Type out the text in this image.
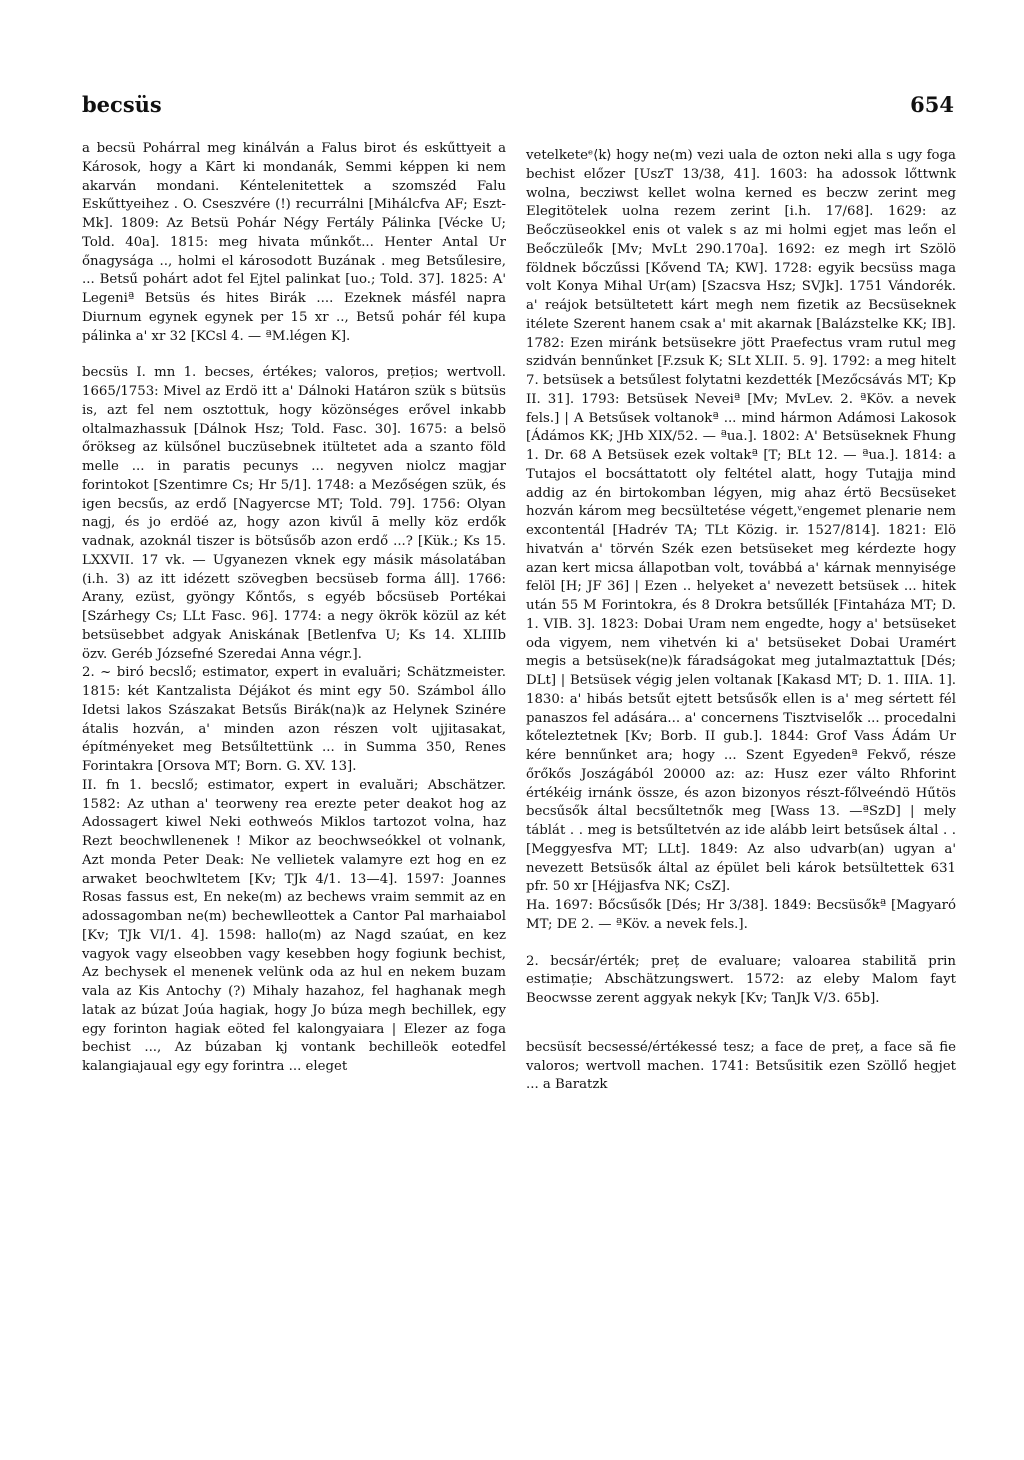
becsüs	654

a becsü Pohárral meg kinálván a Falus birot és eskűttyeit a Károsok, hogy a Kārt ki mondanák, Semmi képpen ki nem akarván mondani. Kéntelenitettek a szomszéd Falu Eskűttyeihez . O. Cseszvére (!) recurrálni [Mihálcfva AF; Eszt-Mk]. 1809: Az Betsü Pohár Négy Fertály Pálinka [Vécke U; Told. 40a]. 1815: meg hivata műnkőt... Henter Antal Ur őnagysága .., holmi el károsodott Buzának . meg Betsűlesire, ... Betsű pohárt adot fel Ejtel palinkat [uo.; Told. 37]. 1825: A' Legeniª Betsüs és hites Birák .... Ezeknek másfél napra Diurnum egynek egynek per 15 xr .., Betsű pohár fél kupa pálinka a' xr 32 [KCsl 4. — ªM.légen K].

becsüs I. mn 1. becses, értékes; valoros, prețios; wertvoll. 1665/1753: Mivel az Erdö itt a' Dálnoki Határon szük s bütsüs is, azt fel nem osztottuk, hogy közönséges erővel inkabb oltalmazhassuk [Dálnok Hsz; Told. Fasc. 30]. 1675: a belsö őrökseg az külsőnel buczüsebnek itültetet ada a szanto föld melle ... in paratis pecunys ... negyven niolcz magjar forintokot [Szentimre Cs; Hr 5/1]. 1748: a Mezőségen szük, és igen becsűs, az erdő [Nagyercse MT; Told. 79]. 1756: Olyan nagj, és jo erdöé az, hogy azon kivűl ā melly köz erdők vadnak, azoknál tiszer is bötsűsőb azon erdő ...? [Kük.; Ks 15. LXXVII. 17 vk. — Ugyanezen vknek egy másik másolatában (i.h. 3) az itt idézett szövegben becsüseb forma áll]. 1766: Arany, ezüst, gyöngy Kőntős, s egyéb bőcsüseb Portékai [Szárhegy Cs; LLt Fasc. 96]. 1774: a negy ökrök közül az két betsüsebbet adgyak Aniskának [Betlenfva U; Ks 14. XLIIIb özv. Geréb Józsefné Szeredai Anna végr.].

2. ~ biró becslő; estimator, expert in evaluări; Schätzmeister. 1815: két Kantzalista Déjákot és mint egy 50. Számbol állo Idetsi lakos Szászakat Betsűs Birák(na)k az Helynek Szinére átalis hozván, a' minden azon részen volt ujjitasakat, építményeket meg Betsűltettünk ... in Summa 350, Renes Forintakra [Orsova MT; Born. G. XV. 13].

II. fn 1. becslő; estimator, expert in evaluări; Abschätzer. 1582: Az uthan a' teorweny rea erezte peter deakot hog az Adossagert kiwel Neki eothweós Miklos tartozot volna, haz Rezt beochwllenenek ! Mikor az beochwseókkel ot volnank, Azt monda Peter Deak: Ne vellietek valamyre ezt hog en ez arwaket beochwltetem [Kv; TJk 4/1. 13—4]. 1597: Joannes Rosas fassus est, En neke(m) az bechews vraim semmit az en adossagomban ne(m) bechewlleottek a Cantor Pal marhaiabol [Kv; TJk VI/1. 4]. 1598: hallo(m) az Nagd szaúat, en kez vagyok vagy elseobben vagy kesebben hogy fogiunk bechist, Az bechysek el menenek velünk oda az hul en nekem buzam vala az Kis Antochy (?) Mihaly hazahoz, fel haghanak megh latak az búzat Joúa hagiak, hogy Jo búza megh bechillek, egy egy forinton hagiak eöted fel kalongyaiara | Elezer az foga bechist ..., Az búzaban kj vontank bechilleök eotedfel kalangiajaual egy egy forintra ... eleget

vetelketeᵉ⟨k⟩ hogy ne(m) vezi uala de ozton neki alla s ugy foga bechist előzer [UszT 13/38, 41]. 1603: ha adossok lőttwnk wolna, becziwst kellet wolna kerned es beczw zerint meg Elegitötelek uolna rezem zerint [i.h. 17/68]. 1629: az Beőczüseokkel enis ot valek s az mi holmi egjet mas leőn el Beőczüleők [Mv; MvLt 290.170a]. 1692: ez megh irt Szölö földnek bőczűssi [Kővend TA; KW]. 1728: egyik becsüss maga volt Konya Mihal Ur(am) [Szacsva Hsz; SVJk]. 1751 Vándorék. a' reájok betsültetett kárt megh nem fizetik az Becsüseknek itélete Szerent hanem csak a' mit akarnak [Balázstelke KK; IB]. 1782: Ezen miránk betsüsekre jött Praefectus vram rutul meg szidván bennűnket [F.zsuk K; SLt XLII. 5. 9]. 1792: a meg hitelt 7. betsüsek a betsűlest folytatni kezdették [Mezőcsávás MT; Kp II. 31]. 1793: Betsüsek Neveiª [Mv; MvLev. 2. ªKöv. a nevek fels.] | A Betsűsek voltanokª ... mind hármon Adámosi Lakosok [Ádámos KK; JHb XIX/52. — ªua.]. 1802: A' Betsüseknek Fhung 1. Dr. 68 A Betsüsek ezek voltakª [T; BLt 12. — ªua.]. 1814: a Tutajos el bocsáttatott oly feltétel alatt, hogy Tutajja mind addig az én birtokomban légyen, mig ahaz értö Becsüseket hozván károm meg becsültetése végett,ᵛengemet plenarie nem excontentál [Hadrév TA; TLt Közig. ir. 1527/814]. 1821: Elö hivatván a' törvén Szék ezen betsüseket meg kérdezte hogy azan kert micsa állapotban volt, továbbá a' kárnak mennyisége felöl [H; JF 36] | Ezen .. helyeket a' nevezett betsüsek ... hitek után 55 M Forintokra, és 8 Drokra betsűllék [Fintaháza MT; D. 1. VIB. 3]. 1823: Dobai Uram nem engedte, hogy a' betsüseket oda vigyem, nem vihetvén ki a' betsüseket Dobai Uramért megis a betsüsek(ne)k fáradságokat meg jutalmaztattuk [Dés; DLt] | Betsüsek végig jelen voltanak [Kakasd MT; D. 1. IIIA. 1]. 1830: a' hibás betsűt ejtett betsűsők ellen is a' meg sértett fél panaszos fel adására... a' concernens Tisztviselők ... procedalni kőteleztetnek [Kv; Borb. II gub.]. 1844: Grof Vass Ádám Ur kére bennűnket ara; hogy ... Szent Egyedenª Fekvő, része őrőkős Joszágából 20000 az: az: Husz ezer válto Rhforint értékéig irnánk össze, és azon bizonyos részt-főlveéndö Hűtös becsűsők által becsűltetnők meg [Wass 13. —ªSzD] | mely táblát . . meg is betsűltetvén az ide alább leirt betsűsek által . . [Meggyesfva MT; LLt]. 1849: Az also udvarb(an) ugyan a' nevezett Betsüsők által az épület beli károk betsültettek 631 pfr. 50 xr [Héjjasfva NK; CsZ].

Ha. 1697: Bőcsűsők [Dés; Hr 3/38]. 1849: Becsüsőkª [Magyaró MT; DE 2. — ªKöv. a nevek fels.].

2. becsár/érték; preț de evaluare; valoarea stabilită prin estimație; Abschätzungswert. 1572: az eleby Malom fayt Beocwsse zerent aggyak nekyk [Kv; TanJk V/3. 65b].

becsüsít becsessé/értékessé tesz; a face de preț, a face să fie valoros; wertvoll machen. 1741: Betsűsitik ezen Szöllő hegjet ... a Baratzk
